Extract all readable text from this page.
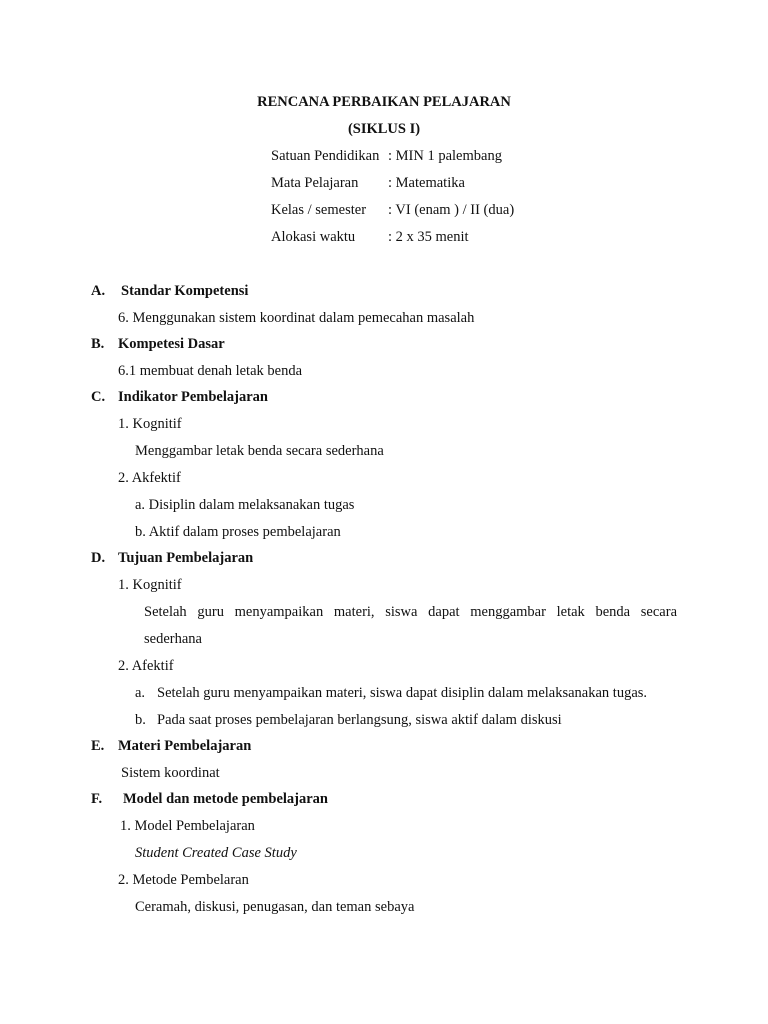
RENCANA PERBAIKAN PELAJARAN
(SIKLUS I)
Satuan Pendidikan : MIN 1 palembang
Mata Pelajaran : Matematika
Kelas / semester : VI (enam ) / II (dua)
Alokasi waktu : 2 x 35 menit
A. Standar Kompetensi
6. Menggunakan sistem koordinat dalam pemecahan masalah
B. Kompetesi Dasar
6.1 membuat denah letak benda
C. Indikator Pembelajaran
1. Kognitif
Menggambar letak benda secara sederhana
2. Akfektif
a. Disiplin dalam melaksanakan tugas
b. Aktif dalam proses pembelajaran
D. Tujuan Pembelajaran
1. Kognitif
Setelah guru menyampaikan materi, siswa dapat menggambar letak benda secara
sederhana
2. Afektif
a. Setelah guru menyampaikan materi, siswa dapat disiplin dalam melaksanakan tugas.
b. Pada saat proses pembelajaran berlangsung, siswa aktif dalam diskusi
E. Materi Pembelajaran
Sistem koordinat
F. Model dan metode pembelajaran
1. Model Pembelajaran
Student Created Case Study
2. Metode Pembelaran
Ceramah, diskusi, penugasan, dan teman sebaya
